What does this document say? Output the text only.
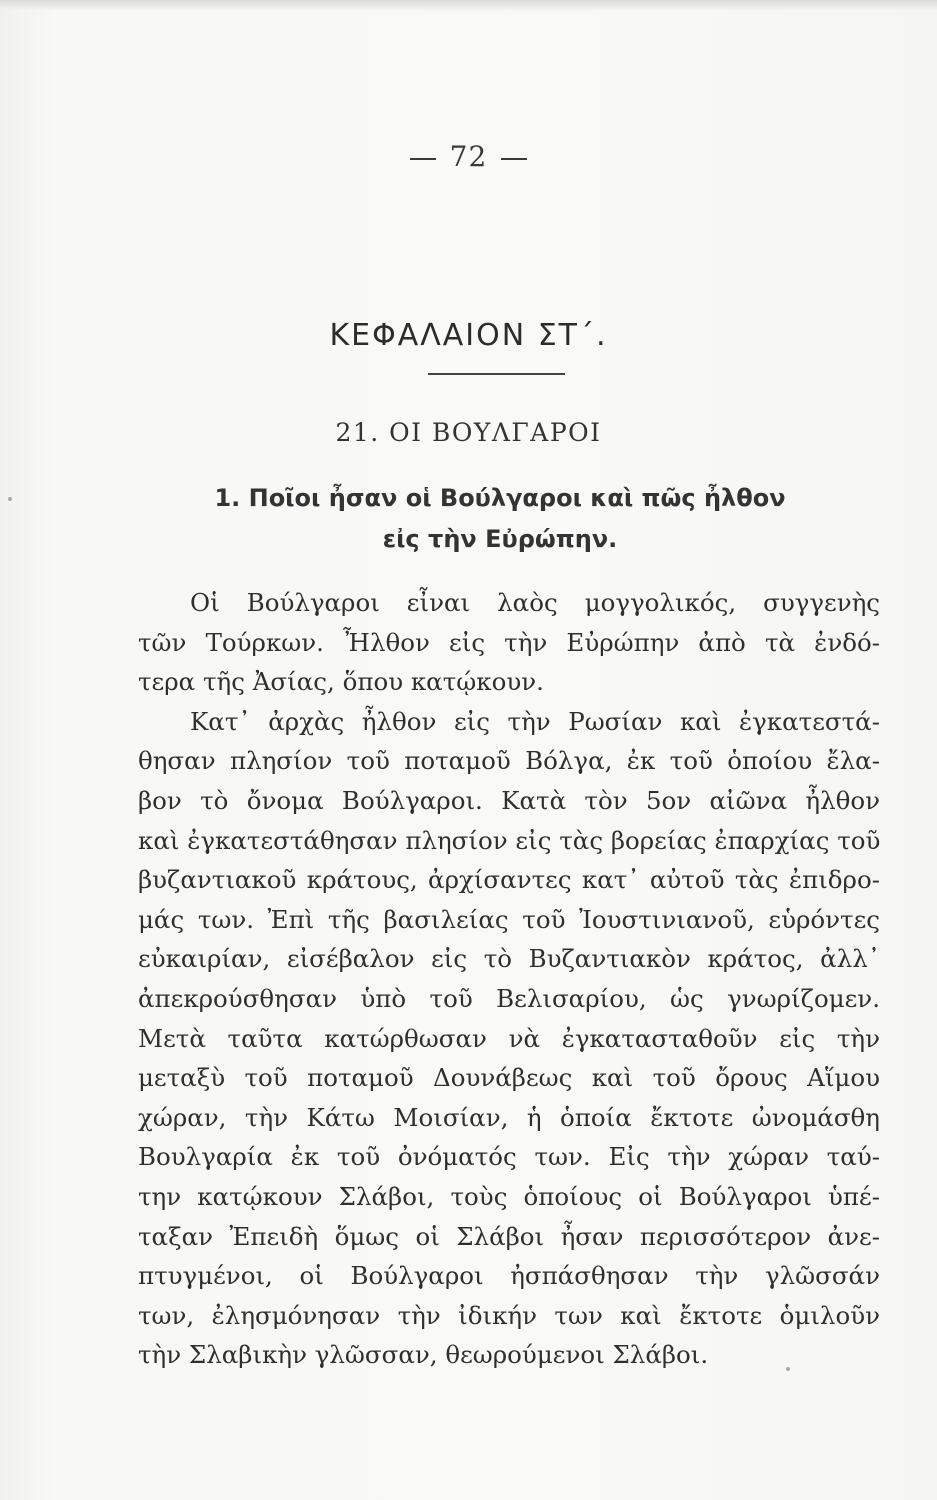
72
ΚΕΦΑΛΑΙΟΝ ΣΤ΄.
21. ΟΙ ΒΟΥΛΓΑΡΟΙ
1. Ποῖοι ἦσαν οἱ Βούλγαροι καὶ πῶς ἦλθον
εἰς τὴν Εὐρώπην.
Οἱ Βούλγαροι εἶναι λαὸς μογγολικός, συγγενὴς
τῶν Τούρκων. Ἦλθον εἰς τὴν Εὐρώπην ἀπὸ τὰ ἐνδό-
τερα τῆς Ἀσίας, ὅπου κατῴκουν.
Κατ᾽ ἀρχὰς ἦλθον εἰς τὴν Ρωσίαν καὶ ἐγκατεστά-
θησαν πλησίον τοῦ ποταμοῦ Βόλγα, ἐκ τοῦ ὁποίου ἔλα-
βον τὸ ὄνομα Βούλγαροι. Κατὰ τὸν 5ον αἰῶνα ἦλθον
καὶ ἐγκατεστάθησαν πλησίον εἰς τὰς βορείας ἐπαρχίας τοῦ
βυζαντιακοῦ κράτους, ἀρχίσαντες κατ᾽ αὐτοῦ τὰς ἐπιδρο-
μάς των. Ἐπὶ τῆς βασιλείας τοῦ Ἰουστινιανοῦ, εὑρόντες
εὐκαιρίαν, εἰσέβαλον εἰς τὸ Βυζαντιακὸν κράτος, ἀλλ᾽
ἀπεκρούσθησαν ὑπὸ τοῦ Βελισαρίου, ὡς γνωρίζομεν.
Μετὰ ταῦτα κατώρθωσαν νὰ ἐγκατασταθοῦν εἰς τὴν
μεταξὺ τοῦ ποταμοῦ Δουνάβεως καὶ τοῦ ὄρους Αἵμου
χώραν, τὴν Κάτω Μοισίαν, ἡ ὁποία ἔκτοτε ὠνομάσθη
Βουλγαρία ἐκ τοῦ ὀνόματός των. Εἰς τὴν χώραν ταύ-
την κατῴκουν Σλάβοι, τοὺς ὁποίους οἱ Βούλγαροι ὑπέ-
ταξαν Ἐπειδὴ ὅμως οἱ Σλάβοι ἦσαν περισσότερον ἀνε-
πτυγμένοι, οἱ Βούλγαροι ἠσπάσθησαν τὴν γλῶσσάν
των, ἐλησμόνησαν τὴν ἰδικήν των καὶ ἔκτοτε ὁμιλοῦν
τὴν Σλαβικὴν γλῶσσαν, θεωρούμενοι Σλάβοι.
